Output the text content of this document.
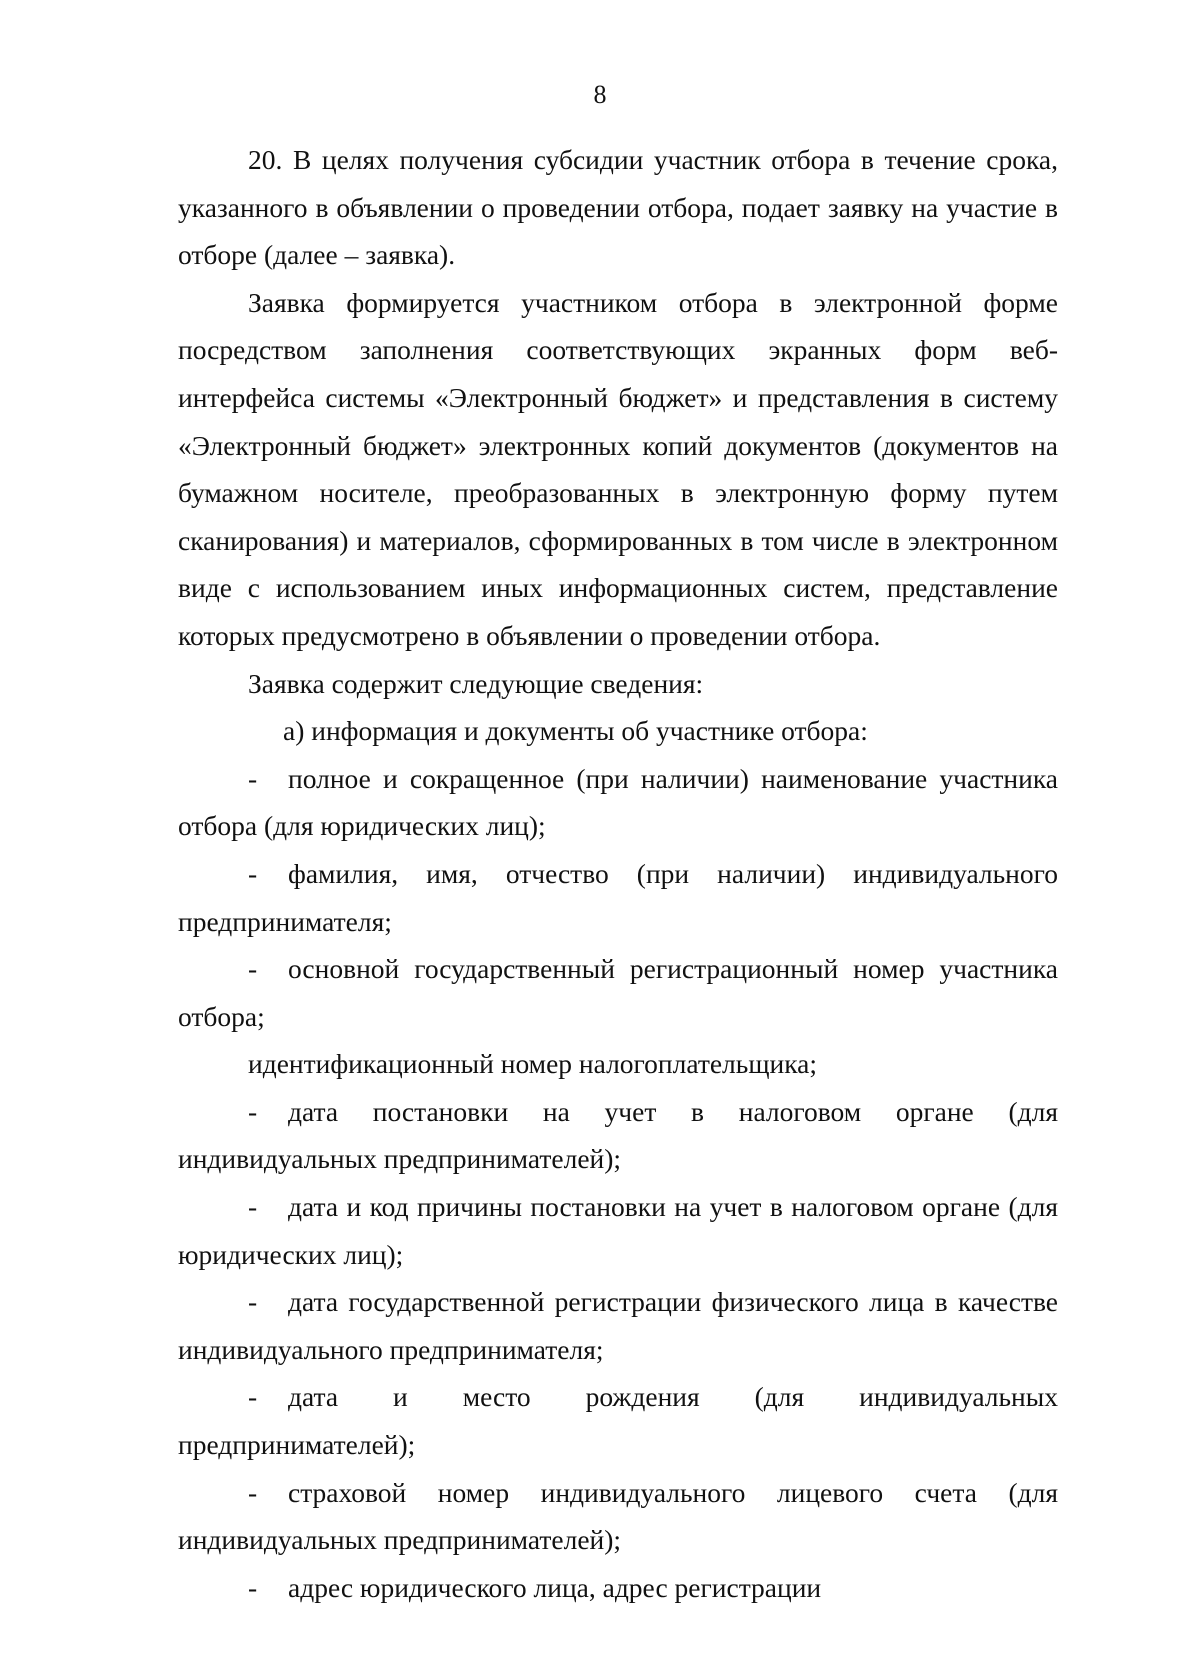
8

20. В целях получения субсидии участник отбора в течение срока, указанного в объявлении о проведении отбора, подает заявку на участие в отборе (далее – заявка).

Заявка формируется участником отбора в электронной форме посредством заполнения соответствующих экранных форм веб-интерфейса системы «Электронный бюджет» и представления в систему «Электронный бюджет» электронных копий документов (документов на бумажном носителе, преобразованных в электронную форму путем сканирования) и материалов, сформированных в том числе в электронном виде с использованием иных информационных систем, представление которых предусмотрено в объявлении о проведении отбора.

Заявка содержит следующие сведения:

а) информация и документы об участнике отбора:

- полное и сокращенное (при наличии) наименование участника отбора (для юридических лиц);

- фамилия, имя, отчество (при наличии) индивидуального предпринимателя;

- основной государственный регистрационный номер участника отбора;

идентификационный номер налогоплательщика;

- дата постановки на учет в налоговом органе (для индивидуальных предпринимателей);

- дата и код причины постановки на учет в налоговом органе (для юридических лиц);

- дата государственной регистрации физического лица в качестве индивидуального предпринимателя;

- дата и место рождения (для индивидуальных предпринимателей);

- страховой номер индивидуального лицевого счета (для индивидуальных предпринимателей);

- адрес юридического лица, адрес регистрации
